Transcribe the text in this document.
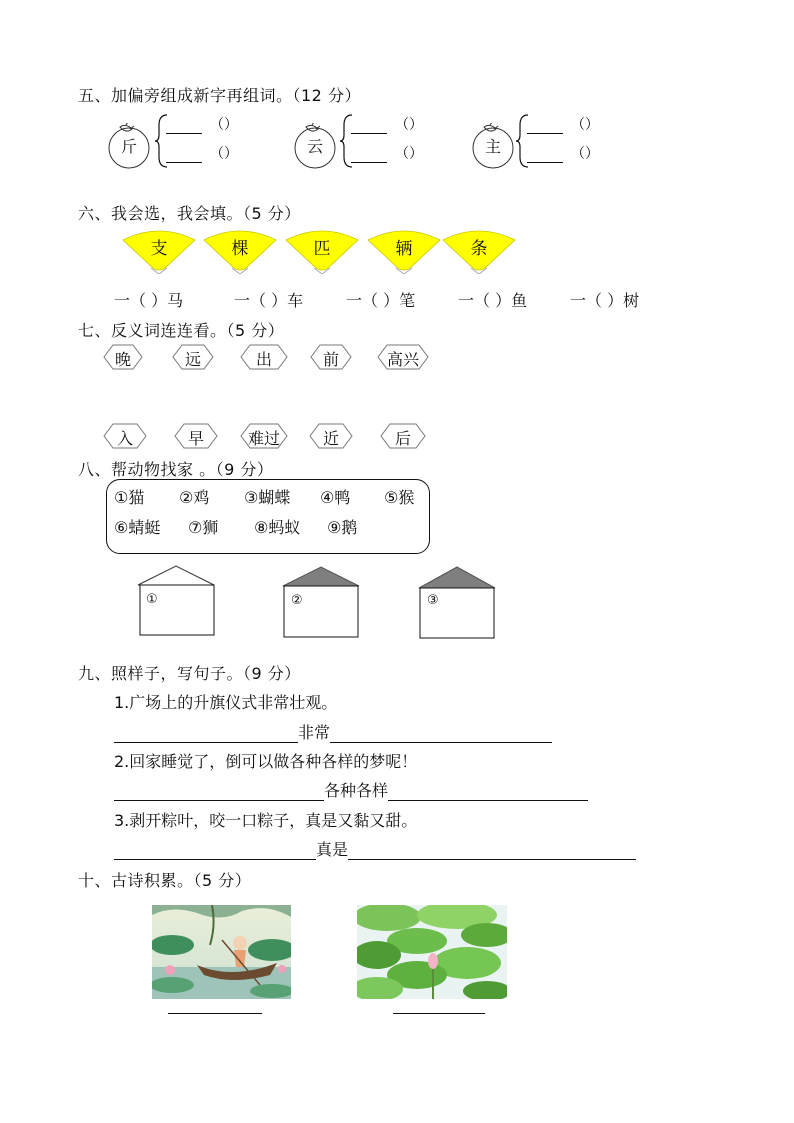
五、加偏旁组成新字再组词。（12 分）
斤
（）
（）	云
（）
（）	主
（）
（）
六、我会选，我会填。（5 分）
支	棵	匹	辆	条
一（ ）马	一（ ）车	一（ ）笔	一（ ）鱼	一（ ）树
七、反义词连连看。（5 分）
晚	远	出	前	高兴
入	早	难过	近	后
八、帮动物找家 。（9 分）
①猫 ②鸡 ③蝴蝶 ④鸭 ⑤猴
⑥蜻蜓 ⑦狮 ⑧蚂蚁 ⑨鹅
①	②	③
九、照样子，写句子。（9 分）
1.广场上的升旗仪式非常壮观。
非常
2.回家睡觉了，倒可以做各种各样的梦呢！
各种各样
3.剥开粽叶，咬一口粽子，真是又黏又甜。
真是
十、古诗积累。（5 分）
